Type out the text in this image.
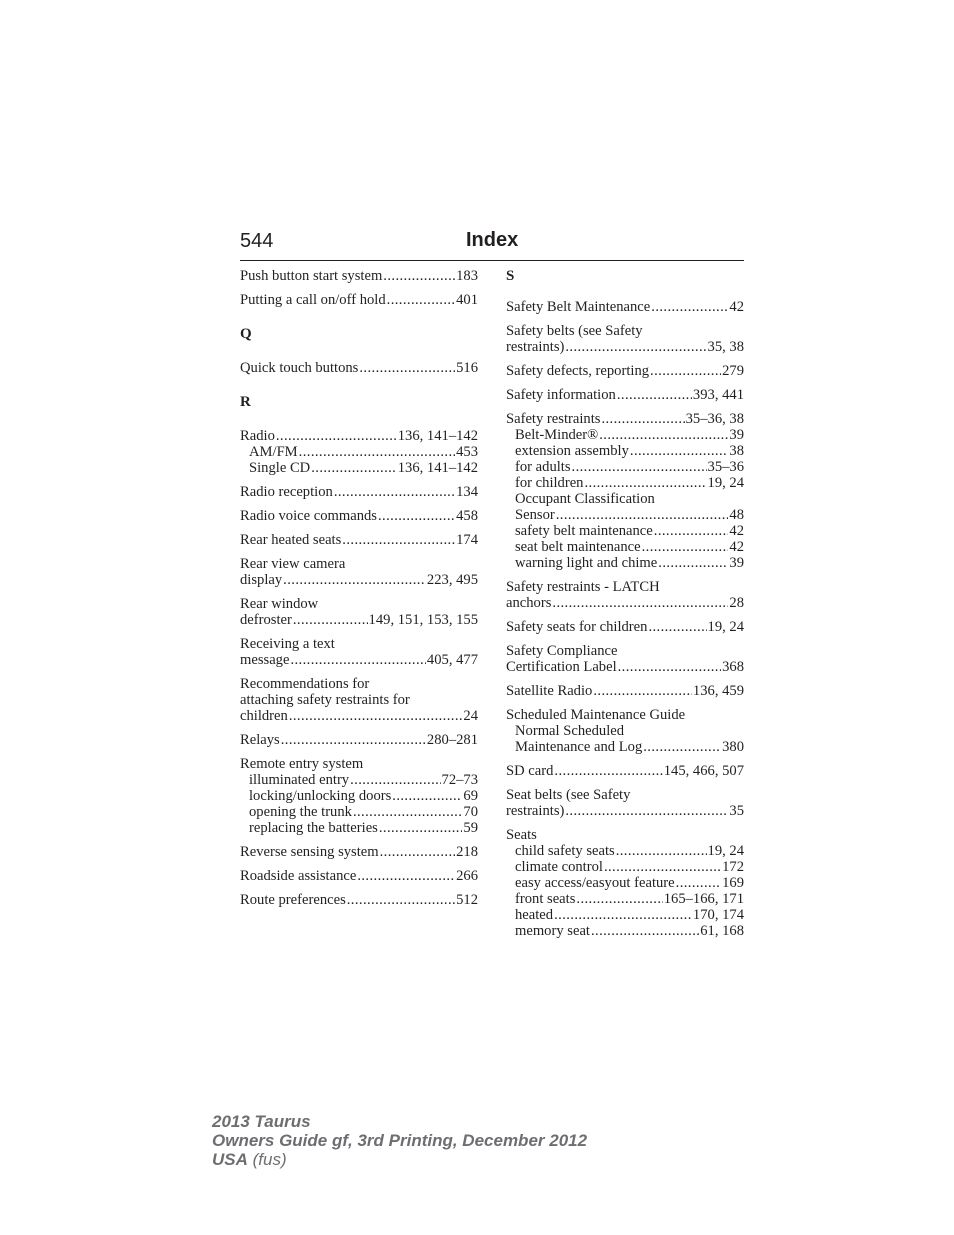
544	Index
Push button start system .....	183
Putting a call on/off hold .....	401
Q
Quick touch buttons .....	516
R
Radio .....	136, 141–142
AM/FM .....	453
Single CD .....	136, 141–142
Radio reception .....	134
Radio voice commands .....	458
Rear heated seats .....	174
Rear view camera
display .....	223, 495
Rear window
defroster .....	149, 151, 153, 155
Receiving a text
message .....	405, 477
Recommendations for
attaching safety restraints for
children .....	24
Relays .....	280–281
Remote entry system
illuminated entry .....	72–73
locking/unlocking doors .....	69
opening the trunk .....	70
replacing the batteries .....	59
Reverse sensing system .....	218
Roadside assistance .....	266
Route preferences .....	512
S
Safety Belt Maintenance .....	42
Safety belts (see Safety
restraints) .....	35, 38
Safety defects, reporting .....	279
Safety information .....	393, 441
Safety restraints .....	35–36, 38
Belt-Minder® .....	39
extension assembly .....	38
for adults .....	35–36
for children .....	19, 24
Occupant Classification
Sensor .....	48
safety belt maintenance .....	42
seat belt maintenance .....	42
warning light and chime .....	39
Safety restraints - LATCH
anchors .....	28
Safety seats for children .....	19, 24
Safety Compliance
Certification Label .....	368
Satellite Radio .....	136, 459
Scheduled Maintenance Guide
Normal Scheduled
Maintenance and Log .....	380
SD card .....	145, 466, 507
Seat belts (see Safety
restraints) .....	35
Seats
child safety seats .....	19, 24
climate control .....	172
easy access/easyout feature .....	169
front seats .....	165–166, 171
heated .....	170, 174
memory seat .....	61, 168
2013 Taurus
Owners Guide gf, 3rd Printing, December 2012
USA (fus)
